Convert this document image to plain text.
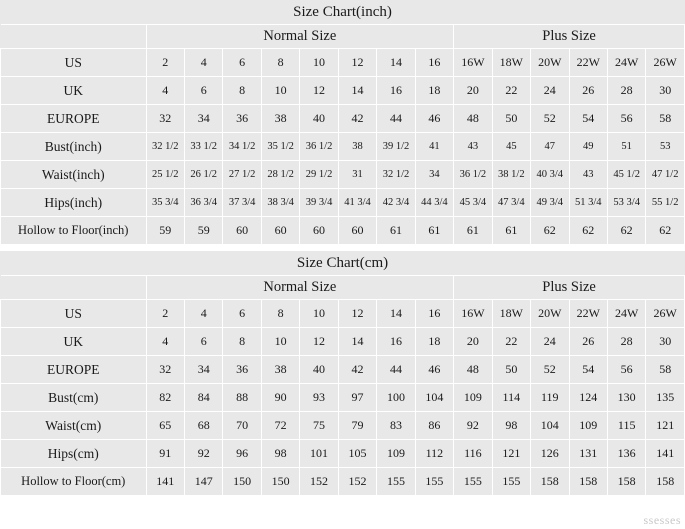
Size Chart(inch)														
	Normal Size								Plus Size					
US	2	4	6	8	10	12	14	16	16W	18W	20W	22W	24W	26W
UK	4	6	8	10	12	14	16	18	20	22	24	26	28	30
EUROPE	32	34	36	38	40	42	44	46	48	50	52	54	56	58
Bust(inch)	32 1/2	33 1/2	34 1/2	35 1/2	36 1/2	38	39 1/2	41	43	45	47	49	51	53
Waist(inch)	25 1/2	26 1/2	27 1/2	28 1/2	29 1/2	31	32 1/2	34	36 1/2	38 1/2	40 3/4	43	45 1/2	47 1/2
Hips(inch)	35 3/4	36 3/4	37 3/4	38 3/4	39 3/4	41 3/4	42 3/4	44 3/4	45 3/4	47 3/4	49 3/4	51 3/4	53 3/4	55 1/2
Hollow to Floor(inch)	59	59	60	60	60	60	61	61	61	61	62	62	62	62
Size Chart(cm)														
	Normal Size								Plus Size					
US	2	4	6	8	10	12	14	16	16W	18W	20W	22W	24W	26W
UK	4	6	8	10	12	14	16	18	20	22	24	26	28	30
EUROPE	32	34	36	38	40	42	44	46	48	50	52	54	56	58
Bust(cm)	82	84	88	90	93	97	100	104	109	114	119	124	130	135
Waist(cm)	65	68	70	72	75	79	83	86	92	98	104	109	115	121
Hips(cm)	91	92	96	98	101	105	109	112	116	121	126	131	136	141
Hollow to Floor(cm)	141	147	150	150	152	152	155	155	155	155	158	158	158	158
ssesses
